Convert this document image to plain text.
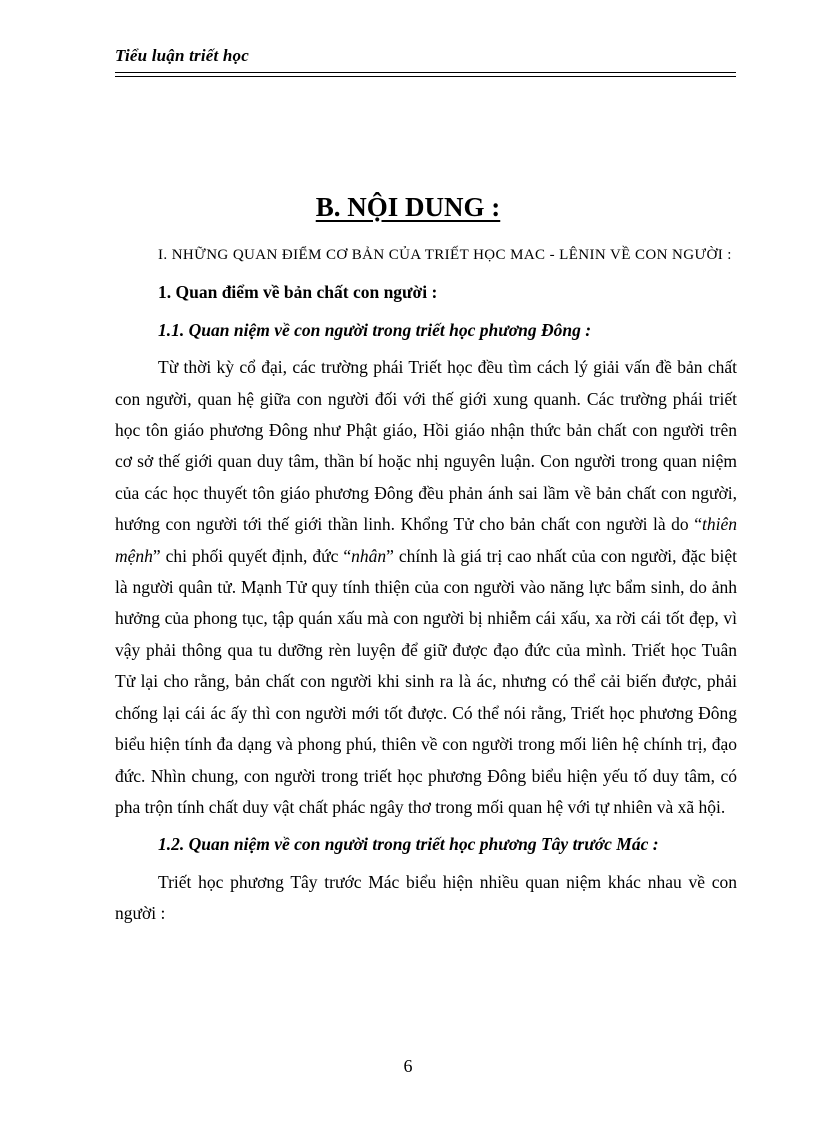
Tiểu luận triết học
B. NỘI DUNG :

I. NHỮNG QUAN ĐIỂM CƠ BẢN CỦA TRIẾT HỌC MAC - LÊNIN VỀ CON NGƯỜI :

1. Quan điểm về bản chất con người :

1.1. Quan niệm về con người trong triết học phương Đông :

Từ thời kỳ cổ đại, các trường phái Triết học đều tìm cách lý giải vấn đề bản chất con người, quan hệ giữa con người đối với thế giới xung quanh. Các trường phái triết học tôn giáo phương Đông như Phật giáo, Hồi giáo nhận thức bản chất con người trên cơ sở thế giới quan duy tâm, thần bí hoặc nhị nguyên luận. Con người trong quan niệm của các học thuyết tôn giáo phương Đông đều phản ánh sai lầm về bản chất con người, hướng con người tới thế giới thần linh. Khổng Tử cho bản chất con người là do “thiên mệnh” chi phối quyết định, đức “nhân” chính là giá trị cao nhất của con người, đặc biệt là người quân tử. Mạnh Tử quy tính thiện của con người vào năng lực bẩm sinh, do ảnh hưởng của phong tục, tập quán xấu mà con người bị nhiễm cái xấu, xa rời cái tốt đẹp, vì vậy phải thông qua tu dưỡng rèn luyện để giữ được đạo đức của mình. Triết học Tuân Tử lại cho rằng, bản chất con người khi sinh ra là ác, nhưng có thể cải biến được, phải chống lại cái ác ấy thì con người mới tốt được. Có thể nói rằng, Triết học phương Đông biểu hiện tính đa dạng và phong phú, thiên về con người trong mối liên hệ chính trị, đạo đức. Nhìn chung, con người trong triết học phương Đông biểu hiện yếu tố duy tâm, có pha trộn tính chất duy vật chất phác ngây thơ trong mối quan hệ với tự nhiên và xã hội.

1.2. Quan niệm về con người trong triết học phương Tây trước Mác :

Triết học phương Tây trước Mác biểu hiện nhiều quan niệm khác nhau về con người :

6
